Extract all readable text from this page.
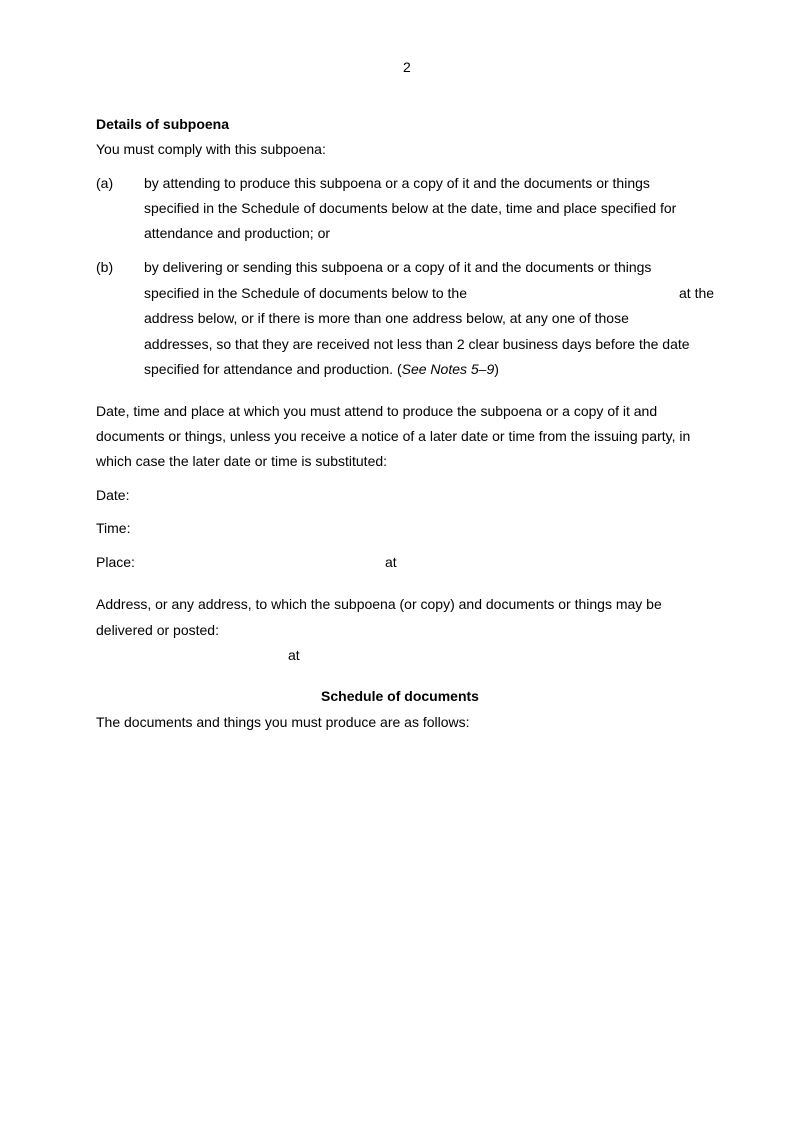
2
Details of subpoena
You must comply with this subpoena:
(a) by attending to produce this subpoena or a copy of it and the documents or things
specified in the Schedule of documents below at the date, time and place specified for
attendance and production; or
(b) by delivering or sending this subpoena or a copy of it and the documents or things
specified in the Schedule of documents below to the	at the
address below, or if there is more than one address below, at any one of those
addresses, so that they are received not less than 2 clear business days before the date
specified for attendance and production. (See Notes 5–9)
Date, time and place at which you must attend to produce the subpoena or a copy of it and
documents or things, unless you receive a notice of a later date or time from the issuing party, in
which case the later date or time is substituted:
Date:
Time:
Place:	at
Address, or any address, to which the subpoena (or copy) and documents or things may be
delivered or posted:
at
Schedule of documents
The documents and things you must produce are as follows:
